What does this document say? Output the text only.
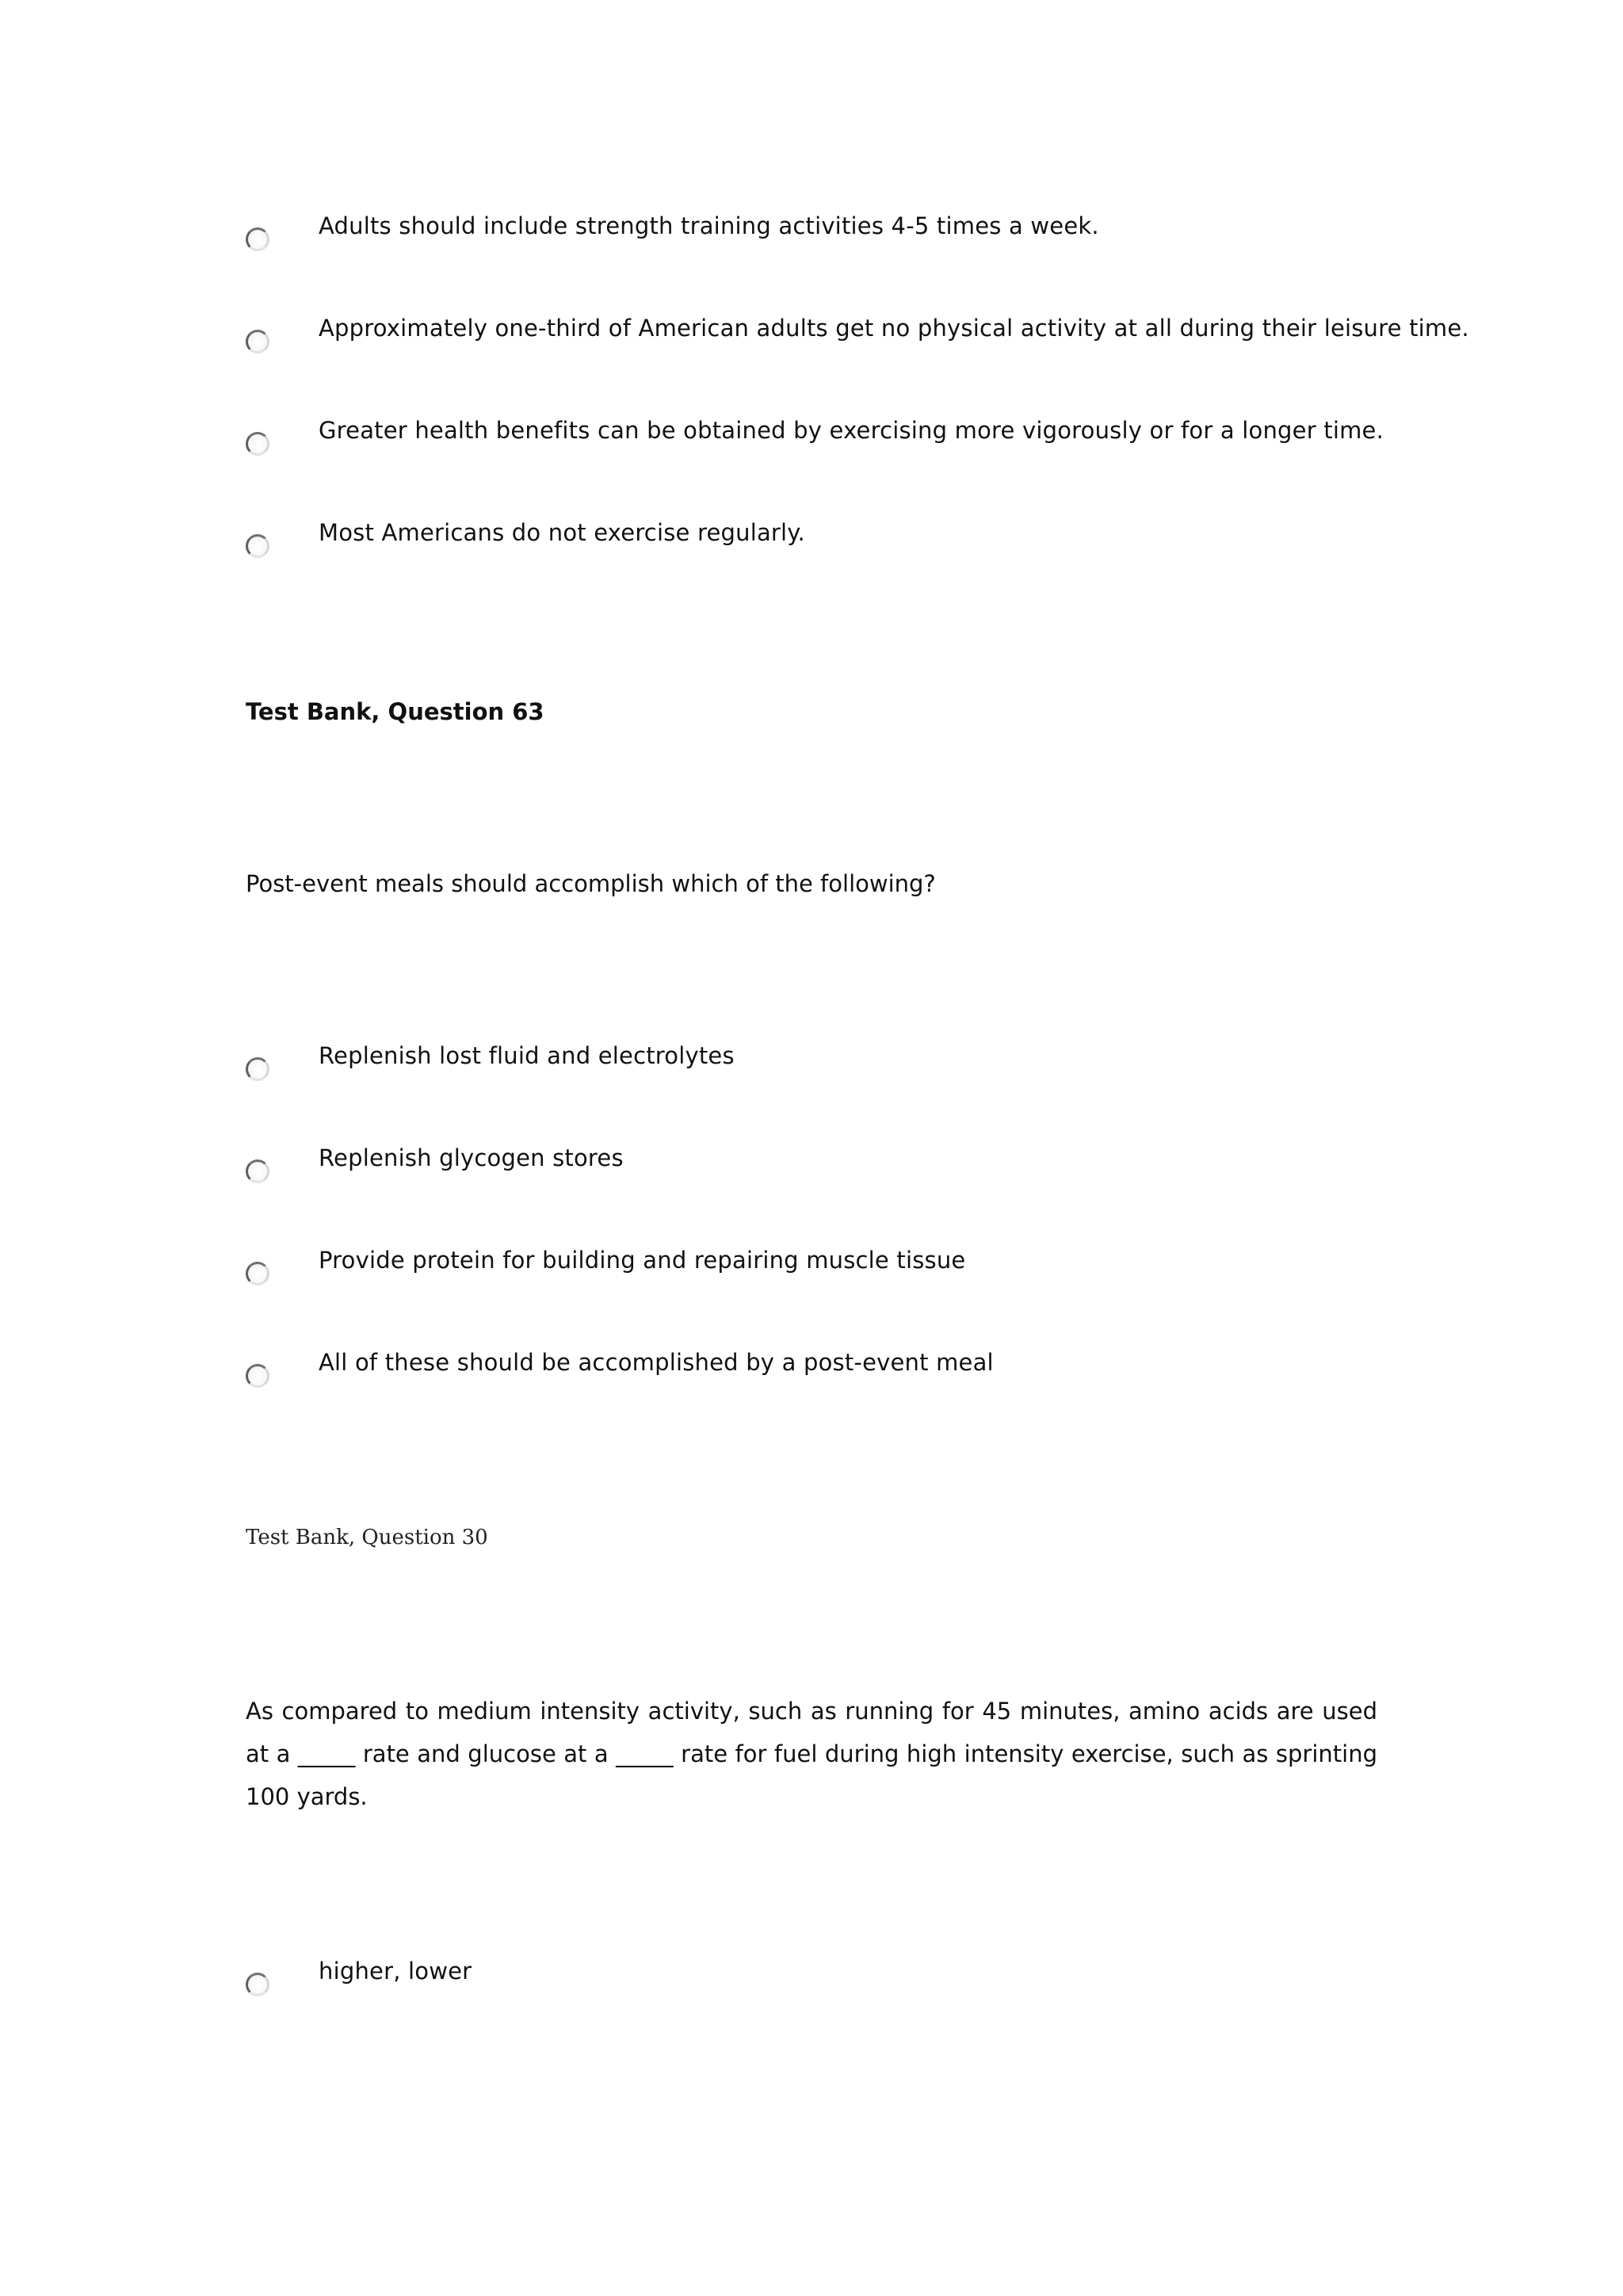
Adults should include strength training activities 4-5 times a week.
Approximately one-third of American adults get no physical activity at all during their leisure time.
Greater health benefits can be obtained by exercising more vigorously or for a longer time.
Most Americans do not exercise regularly.
Test Bank, Question 63
Post-event meals should accomplish which of the following?
Replenish lost fluid and electrolytes
Replenish glycogen stores
Provide protein for building and repairing muscle tissue
All of these should be accomplished by a post-event meal
Test Bank, Question 30
As compared to medium intensity activity, such as running for 45 minutes, amino acids are used at a _____ rate and glucose at a _____ rate for fuel during high intensity exercise, such as sprinting 100 yards.
higher, lower
